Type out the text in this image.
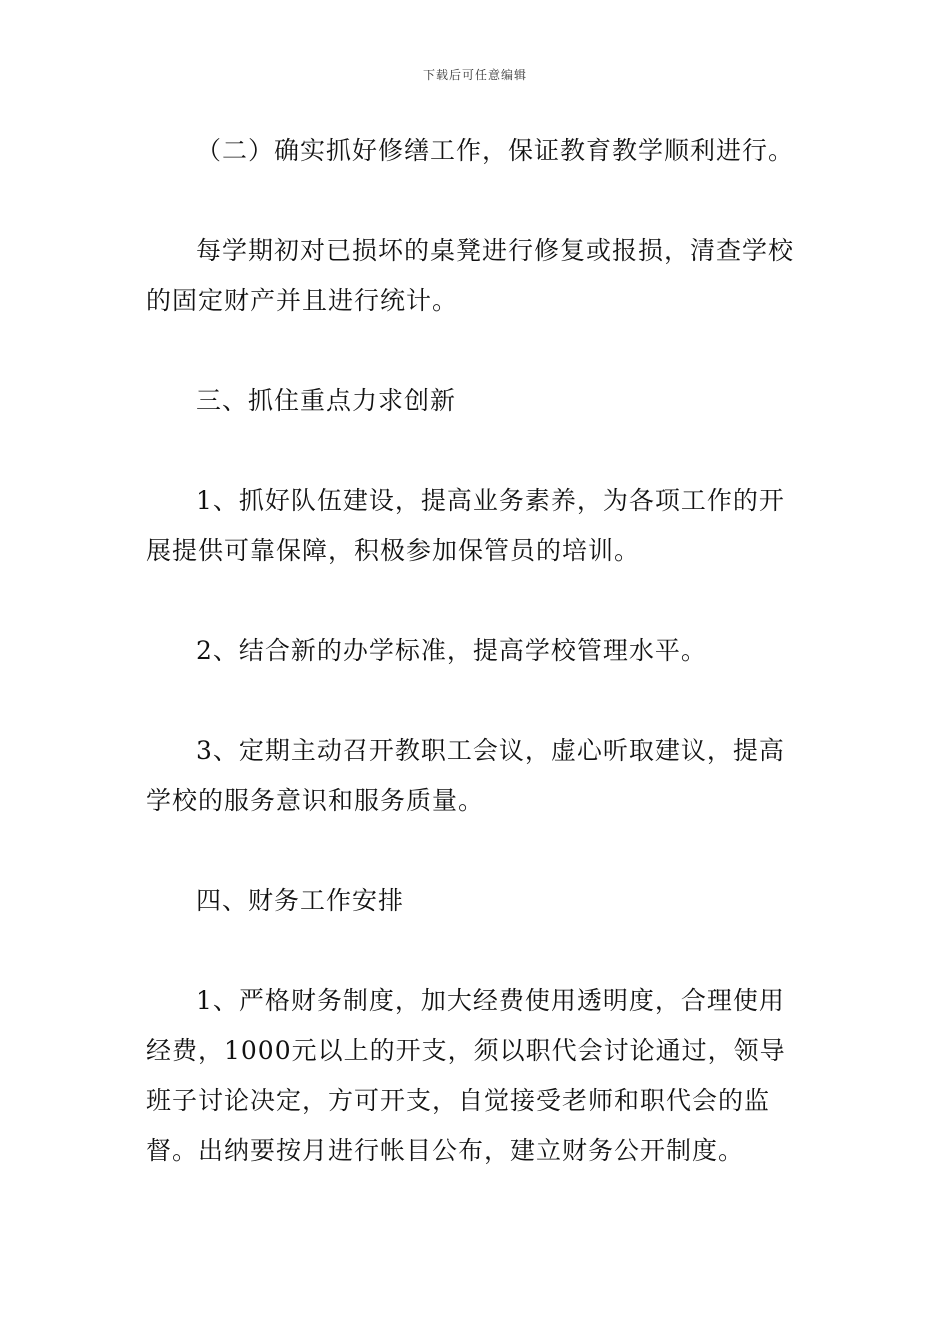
下载后可任意编辑

（二）确实抓好修缮工作，保证教育教学顺利进行。

每学期初对已损坏的桌凳进行修复或报损，清查学校的固定财产并且进行统计。

三、抓住重点力求创新

1、抓好队伍建设，提高业务素养，为各项工作的开展提供可靠保障，积极参加保管员的培训。

2、结合新的办学标准，提高学校管理水平。

3、定期主动召开教职工会议，虚心听取建议，提高学校的服务意识和服务质量。

四、财务工作安排

1、严格财务制度，加大经费使用透明度，合理使用经费，1000元以上的开支，须以职代会讨论通过，领导班子讨论决定，方可开支，自觉接受老师和职代会的监督。出纳要按月进行帐目公布，建立财务公开制度。
